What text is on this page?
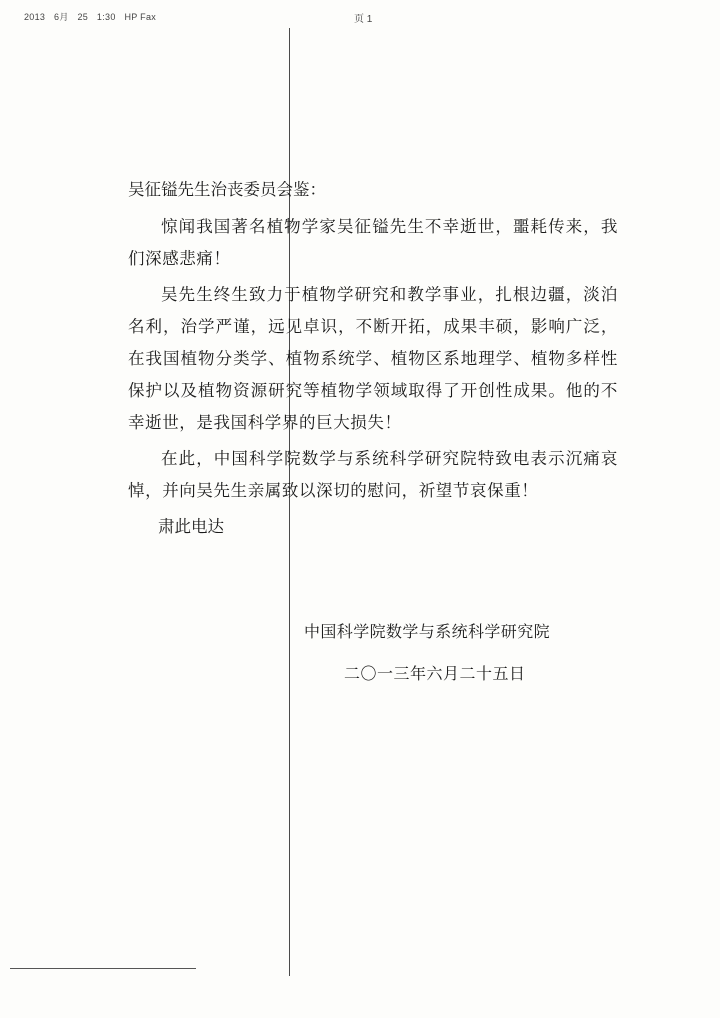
2013 6月 25 1:30 HP Fax	页 1

吴征镒先生治丧委员会鉴：

惊闻我国著名植物学家吴征镒先生不幸逝世，噩耗传来，我们深感悲痛！

吴先生终生致力于植物学研究和教学事业，扎根边疆，淡泊名利，治学严谨，远见卓识，不断开拓，成果丰硕，影响广泛，在我国植物分类学、植物系统学、植物区系地理学、植物多样性保护以及植物资源研究等植物学领域取得了开创性成果。他的不幸逝世，是我国科学界的巨大损失！

在此，中国科学院数学与系统科学研究院特致电表示沉痛哀悼，并向吴先生亲属致以深切的慰问，祈望节哀保重！

肃此电达

中国科学院数学与系统科学研究院

二〇一三年六月二十五日
